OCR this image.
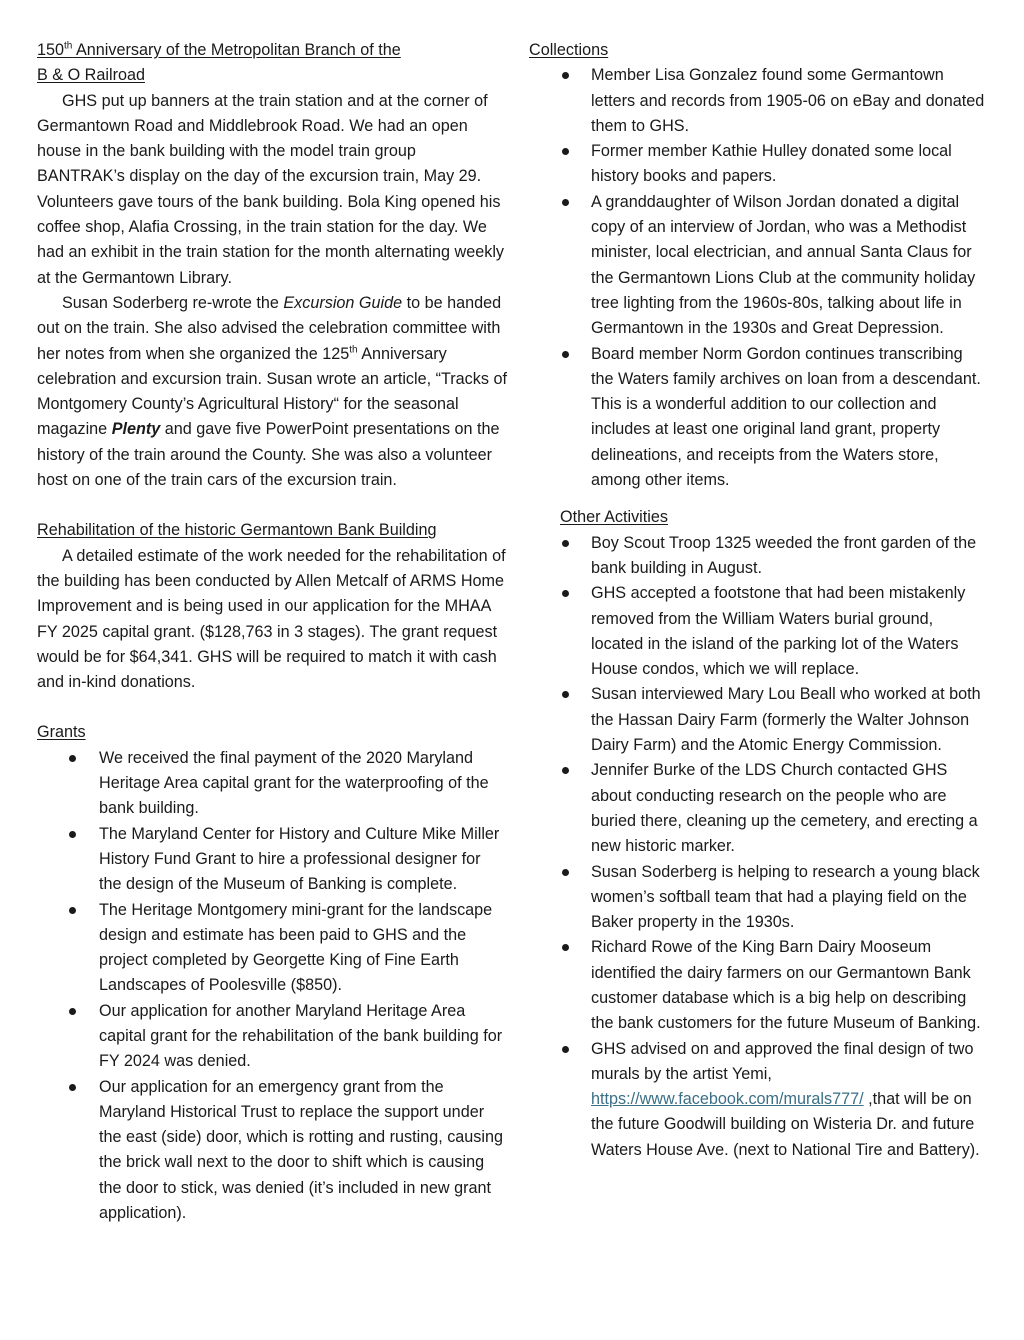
150th Anniversary of the Metropolitan Branch of the
B & O Railroad

GHS put up banners at the train station and at the corner of Germantown Road and Middlebrook Road. We had an open house in the bank building with the model train group BANTRAK’s display on the day of the excursion train, May 29. Volunteers gave tours of the bank building. Bola King opened his coffee shop, Alafia Crossing, in the train station for the day. We had an exhibit in the train station for the month alternating weekly at the Germantown Library.

Susan Soderberg re-wrote the Excursion Guide to be handed out on the train. She also advised the celebration committee with her notes from when she organized the 125th Anniversary celebration and excursion train. Susan wrote an article, “Tracks of Montgomery County’s Agricultural History“ for the seasonal magazine Plenty and gave five PowerPoint presentations on the history of the train around the County. She was also a volunteer host on one of the train cars of the excursion train.

Rehabilitation of the historic Germantown Bank Building

A detailed estimate of the work needed for the rehabilitation of the building has been conducted by Allen Metcalf of ARMS Home Improvement and is being used in our application for the MHAA FY 2025 capital grant. ($128,763 in 3 stages). The grant request would be for $64,341. GHS will be required to match it with cash and in-kind donations.

Grants

We received the final payment of the 2020 Maryland Heritage Area capital grant for the waterproofing of the bank building.
The Maryland Center for History and Culture Mike Miller History Fund Grant to hire a professional designer for the design of the Museum of Banking is complete.
The Heritage Montgomery mini-grant for the landscape design and estimate has been paid to GHS and the project completed by Georgette King of Fine Earth Landscapes of Poolesville ($850).
Our application for another Maryland Heritage Area capital grant for the rehabilitation of the bank building for FY 2024 was denied.
Our application for an emergency grant from the Maryland Historical Trust to replace the support under the east (side) door, which is rotting and rusting, causing the brick wall next to the door to shift which is causing the door to stick, was denied (it’s included in new grant application).

Collections

Member Lisa Gonzalez found some Germantown letters and records from 1905-06 on eBay and donated them to GHS.
Former member Kathie Hulley donated some local history books and papers.
A granddaughter of Wilson Jordan donated a digital copy of an interview of Jordan, who was a Methodist minister, local electrician, and annual Santa Claus for the Germantown Lions Club at the community holiday tree lighting from the 1960s-80s, talking about life in Germantown in the 1930s and Great Depression.
Board member Norm Gordon continues transcribing the Waters family archives on loan from a descendant. This is a wonderful addition to our collection and includes at least one original land grant, property delineations, and receipts from the Waters store, among other items.

Other Activities

Boy Scout Troop 1325 weeded the front garden of the bank building in August.
GHS accepted a footstone that had been mistakenly removed from the William Waters burial ground, located in the island of the parking lot of the Waters House condos, which we will replace.
Susan interviewed Mary Lou Beall who worked at both the Hassan Dairy Farm (formerly the Walter Johnson Dairy Farm) and the Atomic Energy Commission.
Jennifer Burke of the LDS Church contacted GHS about conducting research on the people who are buried there, cleaning up the cemetery, and erecting a new historic marker.
Susan Soderberg is helping to research a young black women’s softball team that had a playing field on the Baker property in the 1930s.
Richard Rowe of the King Barn Dairy Mooseum identified the dairy farmers on our Germantown Bank customer database which is a big help on describing the bank customers for the future Museum of Banking.
GHS advised on and approved the final design of two murals by the artist Yemi, https://www.facebook.com/murals777/ ,that will be on the future Goodwill building on Wisteria Dr. and future Waters House Ave. (next to National Tire and Battery).
